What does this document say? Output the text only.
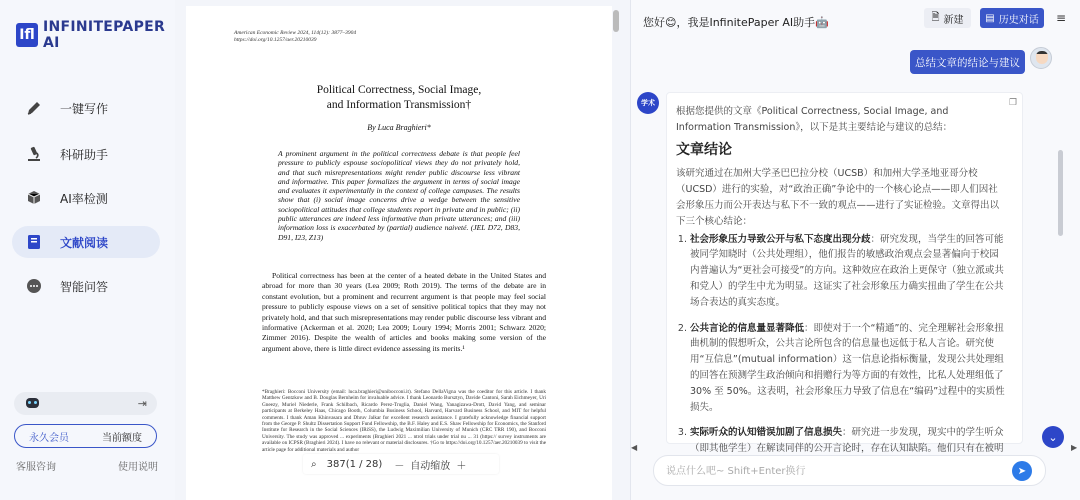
Ifl INFINITEPAPER AI
一键写作
科研助手
AI率检测
文献阅读
智能问答
⇥
永久会员	当前额度
客服咨询	使用说明
American Economic Review 2024, 114(12): 3877–3904
https://doi.org/10.1257/aer.20210039
Political Correctness, Social Image,
and Information Transmission†
By Luca Braghieri*
A prominent argument in the political correctness debate is that people feel pressure to publicly espouse sociopolitical views they do not privately hold, and that such misrepresentations might render public discourse less vibrant and informative. This paper formalizes the argument in terms of social image and evaluates it experimentally in the context of college campuses. The results show that (i) social image concerns drive a wedge between the sensitive sociopolitical attitudes that college students report in private and in public; (ii) public utterances are indeed less informative than private utterances; and (iii) information loss is exacerbated by (partial) audience naiveté. (JEL D72, D83, D91, I23, Z13)
Political correctness has been at the center of a heated debate in the United States and abroad for more than 30 years (Lea 2009; Roth 2019). The terms of the debate are in constant evolution, but a prominent and recurrent argument is that people may feel social pressure to publicly espouse views on a set of sensitive political topics that they may not privately hold, and that such misrepresentations may render public discourse less vibrant and informative (Ackerman et al. 2020; Lea 2009; Loury 1994; Morris 2001; Schwarz 2020; Zimmer 2016). Despite the wealth of articles and books making some version of the argument above, there is little direct evidence assessing its merits.¹
*Braghieri: Bocconi University (email: luca.braghieri@unibocconi.it). Stefano DellaVigna was the coeditor for this article. I thank Matthew Gentzkow and B. Douglas Bernheim for invaluable advice. I thank Leonardo Bursztyn, Davide Cantoni, Sarah Eichmeyer, Uri Gneezy, Muriel Niederle, Frank Schilbach, Ricardo Perez-Truglia, Daniel Wang, Yanagizawa-Drott, David Yang, and seminar participants at Berkeley Haas, Chicago Booth, Columbia Business School, Harvard, Harvard Business School, and MIT for helpful comments. I thank Aman Khinvasara and Dhruv Jalkar for excellent research assistance. I gratefully acknowledge financial support from the George P. Shultz Dissertation Support Fund Fellowship, the B.F. Haley and E.S. Shaw Fellowship for Economics, the Stanford Institute for Research in the Social Sciences (IRiSS), the Ludwig Maximilian University of Munich (CRC TRR 190), and Bocconi University. The study was approved ... experiments (Braghieri 2021 ... ntrol trials under trial nu ... 31 (https:// survey instruments are available on ICPSR (Braghieri 2024). I have no relevant or material disclosures. †Go to https://doi.org/10.1257/aer.20210039 to visit the article page for additional materials and author
⌕ 387(1 / 28) － 自动缩放 ＋
您好😊，我是InfinitePaper AI助手🤖	🗎 新建 ▤ 历史对话 ≡
总结文章的结论与建议
学术	❐

根据您提供的文章《Political Correctness, Social Image, and Information Transmission》，以下是其主要结论与建议的总结：

文章结论

该研究通过在加州大学圣巴巴拉分校（UCSB）和加州大学圣地亚哥分校（UCSD）进行的实验，对“政治正确”争论中的一个核心论点——即人们因社会形象压力而公开表达与私下不一致的观点——进行了实证检验。文章得出以下三个核心结论：

1. 社会形象压力导致公开与私下态度出现分歧：研究发现，当学生的回答可能被同学知晓时（公共处理组），他们报告的敏感政治观点会显著偏向于校园内普遍认为“更社会可接受”的方向。这种效应在政治上更保守（独立派或共和党人）的学生中尤为明显。这证实了社会形象压力确实扭曲了学生在公共场合表达的真实态度。
2. 公共言论的信息量显著降低：即使对于一个“精通”的、完全理解社会形象扭曲机制的假想听众，公共言论所包含的信息量也远低于私人言论。研究使用“互信息”(mutual information）这一信息论指标衡量，发现公共处理组的回答在预测学生政治倾向和捐赠行为等方面的有效性，比私人处理组低了 30% 至 50%。这表明，社会形象压力导致了信息在“编码”过程中的实质性损失。
3. 实际听众的认知错误加剧了信息损失：研究进一步发现，现实中的学生听众（即其他学生）在解读同伴的公开言论时，存在认知缺陷。他们只有在被明
◀	▶
⌄
说点什么吧~ Shift+Enter换行
➤
